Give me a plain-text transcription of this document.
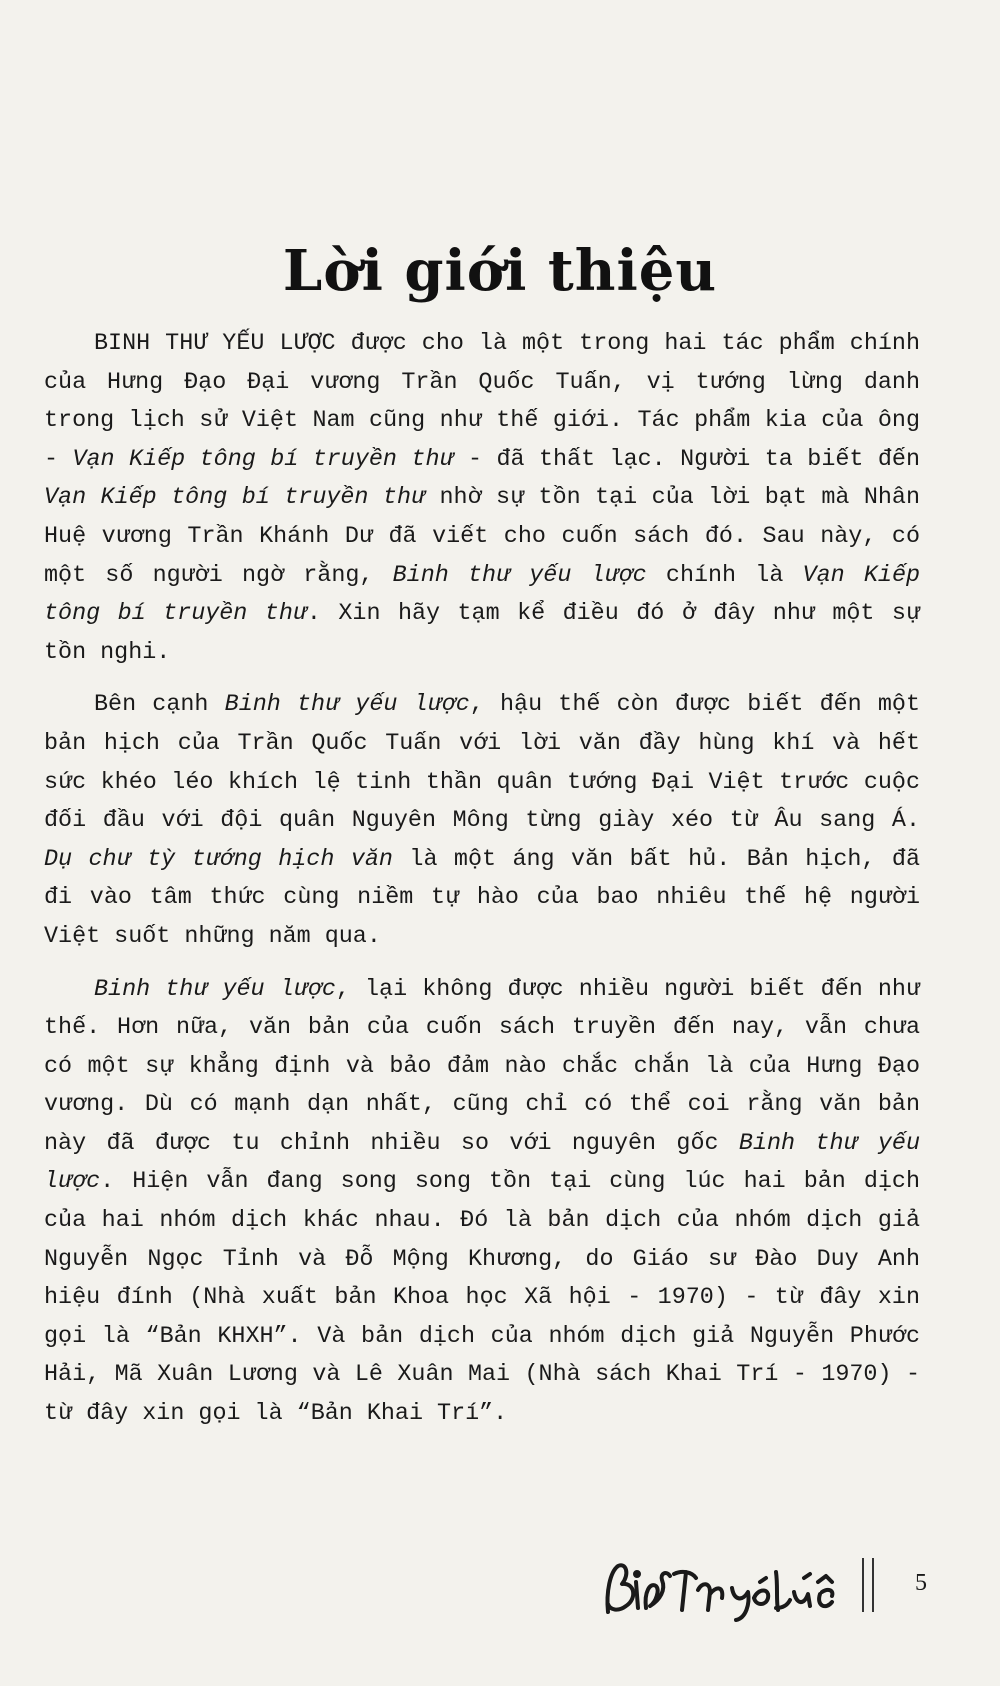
Lời giới thiệu

BINH THƯ YẾU LƯỢC được cho là một trong hai tác phẩm chính của Hưng Đạo Đại vương Trần Quốc Tuấn, vị tướng lừng danh trong lịch sử Việt Nam cũng như thế giới. Tác phẩm kia của ông - Vạn Kiếp tông bí truyền thư - đã thất lạc. Người ta biết đến Vạn Kiếp tông bí truyền thư nhờ sự tồn tại của lời bạt mà Nhân Huệ vương Trần Khánh Dư đã viết cho cuốn sách đó. Sau này, có một số người ngờ rằng, Binh thư yếu lược chính là Vạn Kiếp tông bí truyền thư. Xin hãy tạm kể điều đó ở đây như một sự tồn nghi.

Bên cạnh Binh thư yếu lược, hậu thế còn được biết đến một bản hịch của Trần Quốc Tuấn với lời văn đầy hùng khí và hết sức khéo léo khích lệ tinh thần quân tướng Đại Việt trước cuộc đối đầu với đội quân Nguyên Mông từng giày xéo từ Âu sang Á. Dụ chư tỳ tướng hịch văn là một áng văn bất hủ. Bản hịch, đã đi vào tâm thức cùng niềm tự hào của bao nhiêu thế hệ người Việt suốt những năm qua.

Binh thư yếu lược, lại không được nhiều người biết đến như thế. Hơn nữa, văn bản của cuốn sách truyền đến nay, vẫn chưa có một sự khẳng định và bảo đảm nào chắc chắn là của Hưng Đạo vương. Dù có mạnh dạn nhất, cũng chỉ có thể coi rằng văn bản này đã được tu chỉnh nhiều so với nguyên gốc Binh thư yếu lược. Hiện vẫn đang song song tồn tại cùng lúc hai bản dịch của hai nhóm dịch khác nhau. Đó là bản dịch của nhóm dịch giả Nguyễn Ngọc Tỉnh và Đỗ Mộng Khương, do Giáo sư Đào Duy Anh hiệu đính (Nhà xuất bản Khoa học Xã hội - 1970) - từ đây xin gọi là “Bản KHXH”. Và bản dịch của nhóm dịch giả Nguyễn Phước Hải, Mã Xuân Lương và Lê Xuân Mai (Nhà sách Khai Trí - 1970) - từ đây xin gọi là “Bản Khai Trí”.

5
